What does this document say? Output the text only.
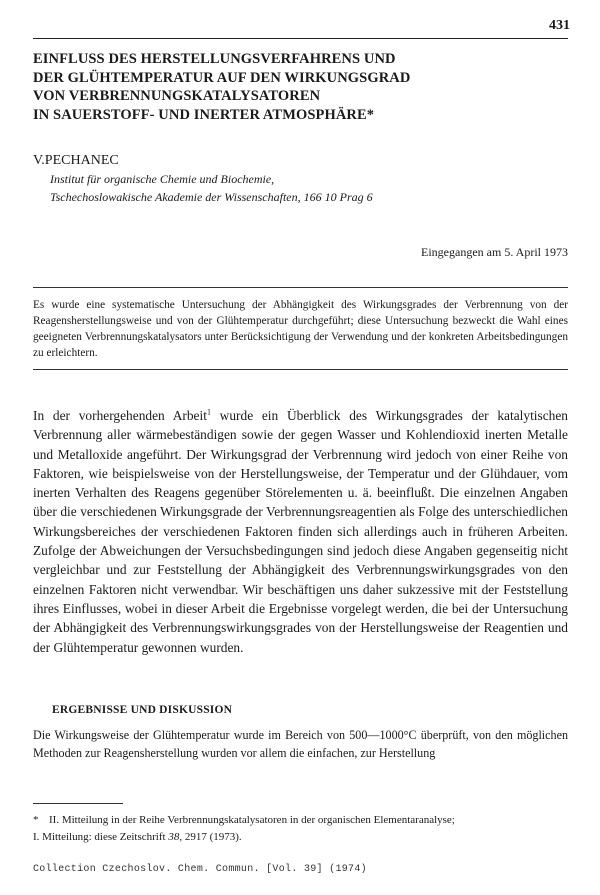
431
EINFLUSS DES HERSTELLUNGSVERFAHRENS UND
DER GLÜHTEMPERATUR AUF DEN WIRKUNGSGRAD
VON VERBRENNUNGSKATALYSATOREN
IN SAUERSTOFF- UND INERTER ATMOSPHÄRE*
V.PECHANEC
Institut für organische Chemie und Biochemie,
Tschechoslowakische Akademie der Wissenschaften, 166 10 Prag 6
Eingegangen am 5. April 1973
Es wurde eine systematische Untersuchung der Abhängigkeit des Wirkungsgrades der Verbrennung von der Reagensherstellungsweise und von der Glühtemperatur durchgeführt; diese Untersuchung bezweckt die Wahl eines geeigneten Verbrennungskatalysators unter Berücksichtigung der Verwendung und der konkreten Arbeitsbedingungen zu erleichtern.
In der vorhergehenden Arbeit$^1$ wurde ein Überblick des Wirkungsgrades der katalytischen Verbrennung aller wärmebeständigen sowie der gegen Wasser und Kohlendioxid inerten Metalle und Metalloxide angeführt. Der Wirkungsgrad der Verbrennung wird jedoch von einer Reihe von Faktoren, wie beispielsweise von der Herstellungsweise, der Temperatur und der Glühdauer, vom inerten Verhalten des Reagens gegenüber Störelementen u. ä. beeinflußt. Die einzelnen Angaben über die verschiedenen Wirkungsgrade der Verbrennungsreagentien als Folge des unterschiedlichen Wirkungsbereiches der verschiedenen Faktoren finden sich allerdings auch in früheren Arbeiten. Zufolge der Abweichungen der Versuchsbedingungen sind jedoch diese Angaben gegenseitig nicht vergleichbar und zur Feststellung der Abhängigkeit des Verbrennungswirkungsgrades von den einzelnen Faktoren nicht verwendbar. Wir beschäftigen uns daher sukzessive mit der Feststellung ihres Einflusses, wobei in dieser Arbeit die Ergebnisse vorgelegt werden, die bei der Untersuchung der Abhängigkeit des Verbrennungswirkungsgrades von der Herstellungsweise der Reagentien und der Glühtemperatur gewonnen wurden.
ERGEBNISSE UND DISKUSSION
Die Wirkungsweise der Glühtemperatur wurde im Bereich von 500—1000°C überprüft, von den möglichen Methoden zur Reagensherstellung wurden vor allem die einfachen, zur Herstellung
* II. Mitteilung in der Reihe Verbrennungskatalysatoren in der organischen Elementaranalyse;
I. Mitteilung: diese Zeitschrift 38, 2917 (1973).
Collection Czechoslov. Chem. Commun. [Vol. 39] (1974)
